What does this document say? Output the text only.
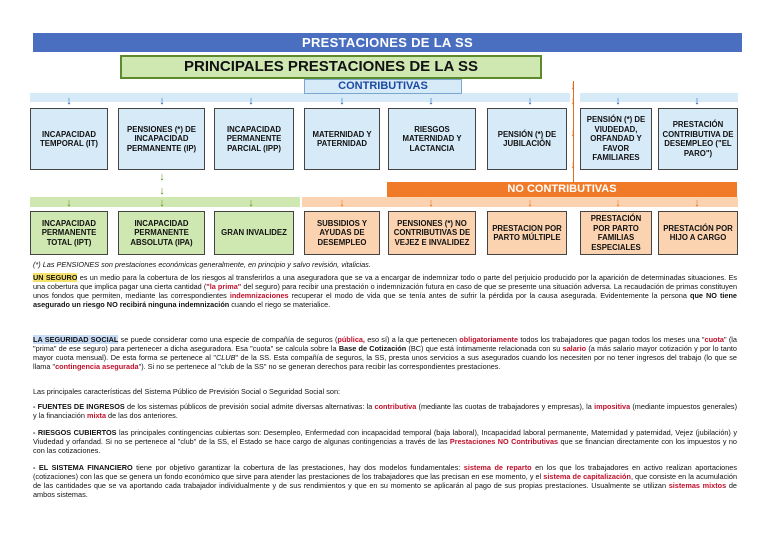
PRESTACIONES DE LA SS
PRINCIPALES PRESTACIONES DE LA SS
CONTRIBUTIVAS	↓
↓
↓
↓
↓	↓	↓	↓	↓	↓	↓	↓
INCAPACIDAD TEMPORAL (IT)
PENSIONES (*) DE INCAPACIDAD PERMANENTE (IP)
INCAPACIDAD PERMANENTE PARCIAL (IPP)
MATERNIDAD Y PATERNIDAD
RIESGOS MATERNIDAD Y LACTANCIA
PENSIÓN (*) DE JUBILACIÓN
PENSIÓN (*) DE VIUDEDAD, ORFANDAD Y FAVOR FAMILIARES
PRESTACIÓN CONTRIBUTIVA DE DESEMPLEO ("EL PARO")
↓
↓	NO CONTRIBUTIVAS
↓	↓	↓	↓	↓	↓	↓	↓
INCAPACIDAD PERMANENTE TOTAL (IPT)
INCAPACIDAD PERMANENTE ABSOLUTA (IPA)
GRAN INVALIDEZ
SUBSIDIOS Y AYUDAS DE DESEMPLEO
PENSIONES (*) NO CONTRIBUTIVAS DE VEJEZ E INVALIDEZ
PRESTACION POR PARTO MÚLTIPLE
PRESTACIÓN POR PARTO FAMILIAS ESPECIALES
PRESTACIÓN POR HIJO A CARGO
(*) Las PENSIONES son prestaciones económicas generalmente, en principio y salvo revisión, vitalicias.
UN SEGURO es un medio para la cobertura de los riesgos al transferirlos a una aseguradora que se va a encargar de indemnizar todo o parte del perjuicio producido por la aparición de determinadas situaciones. Es una cobertura que implica pagar una cierta cantidad ("la prima" del seguro) para recibir una prestación o indemnización futura en caso de que se presente una situación adversa. La recaudación de primas constituyen unos fondos que permiten, mediante las correspondientes indemnizaciones recuperar el modo de vida que se tenía antes de sufrir la pérdida por la causa asegurada. Evidentemente la persona que NO tiene asegurado un riesgo NO recibirá ninguna indemnización cuando el riego se materialice.
LA SEGURIDAD SOCIAL se puede considerar como una especie de compañía de seguros (pública, eso sí) a la que pertenecen obligatoriamente todos los trabajadores que pagan todos los meses una "cuota" (la "prima" de ese seguro) para pertenecer a dicha aseguradora. Esa "cuota" se calcula sobre la Base de Cotización (BC) que está íntimamente relacionada con su salario (a más salario mayor cotización y por lo tanto mayor cuota mensual). De esta forma se pertenece al "CLUB" de la SS. Esta compañía de seguros, la SS, presta unos servicios a sus asegurados cuando los necesiten por no tener ingresos del trabajo (lo que se llama "contingencia asegurada"). Si no se pertenece al "club de la SS" no se generan derechos para recibir las correspondientes prestaciones.
Las principales características del Sistema Público de Previsión Social o Seguridad Social son:
- FUENTES DE INGRESOS de los sistemas públicos de previsión social admite diversas alternativas: la contributiva (mediante las cuotas de trabajadores y empresas), la impositiva (mediante impuestos generales) y la financiación mixta de las dos anteriores.
- RIESGOS CUBIERTOS las principales contingencias cubiertas son: Desempleo, Enfermedad con incapacidad temporal (baja laboral), Incapacidad laboral permanente, Maternidad y paternidad, Vejez (jubilación) y Viudedad y orfandad. Si no se pertenece al "club" de la SS, el Estado se hace cargo de algunas contingencias a través de las Prestaciones NO Contributivas que se financian directamente con los impuestos y no con las cotizaciones.
- EL SISTEMA FINANCIERO tiene por objetivo garantizar la cobertura de las prestaciones, hay dos modelos fundamentales: sistema de reparto en los que los trabajadores en activo realizan aportaciones (cotizaciones) con las que se genera un fondo económico que sirve para atender las prestaciones de los trabajadores que las precisan en ese momento, y el sistema de capitalización, que consiste en la acumulación de las cantidades que se va aportando cada trabajador individualmente y de sus rendimientos y que en su momento se aplicarán al pago de sus propias prestaciones. Usualmente se utilizan sistemas mixtos de ambos sistemas.
